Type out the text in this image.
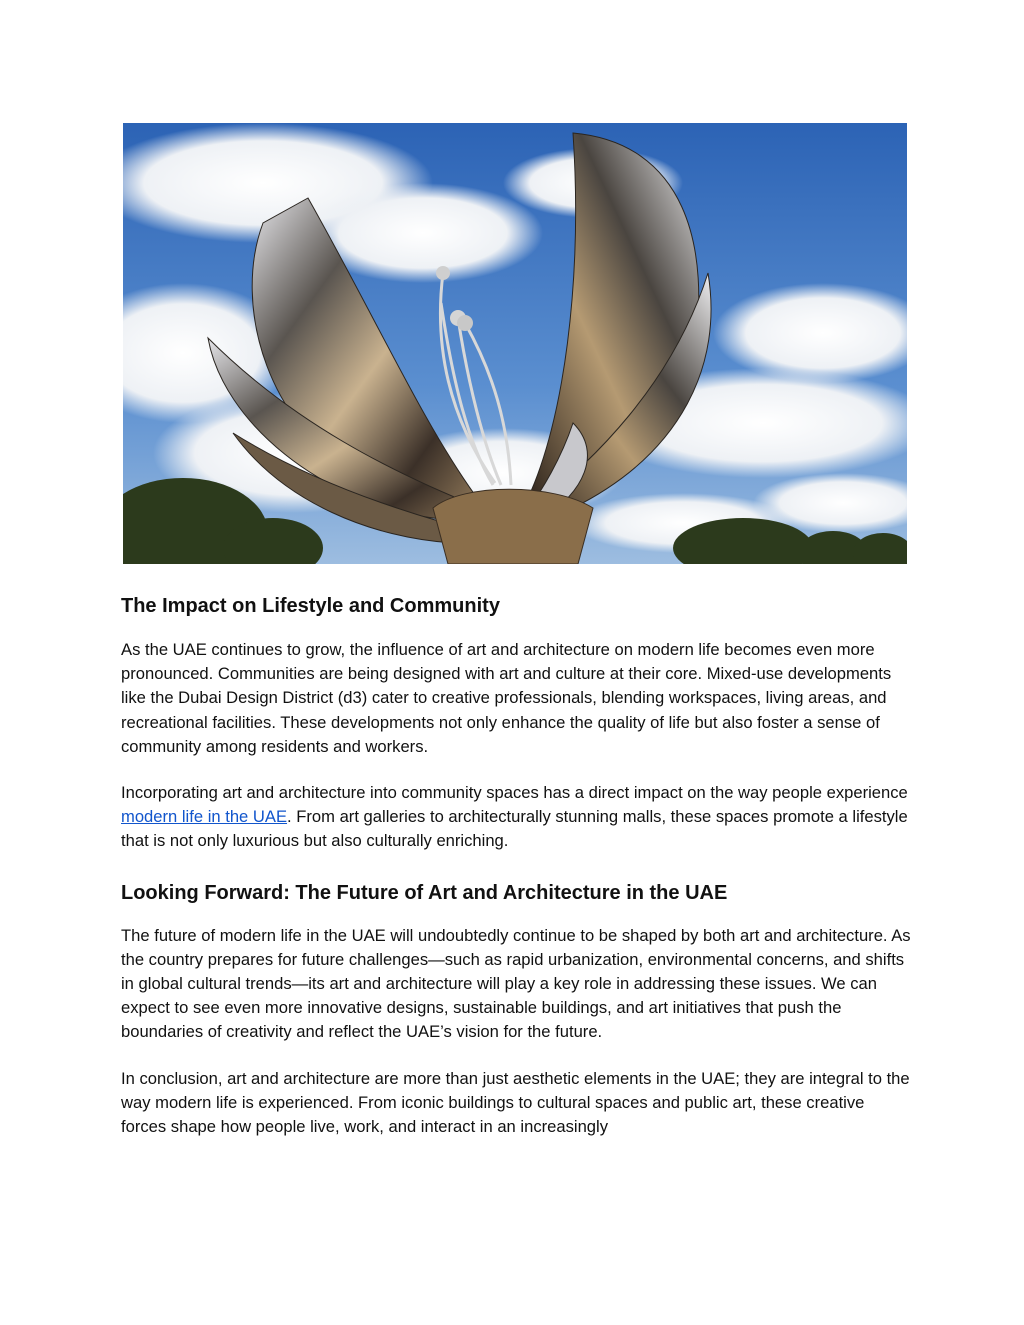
The Impact on Lifestyle and Community

As the UAE continues to grow, the influence of art and architecture on modern life becomes even more pronounced. Communities are being designed with art and culture at their core. Mixed-use developments like the Dubai Design District (d3) cater to creative professionals, blending workspaces, living areas, and recreational facilities. These developments not only enhance the quality of life but also foster a sense of community among residents and workers.

Incorporating art and architecture into community spaces has a direct impact on the way people experience modern life in the UAE. From art galleries to architecturally stunning malls, these spaces promote a lifestyle that is not only luxurious but also culturally enriching.

Looking Forward: The Future of Art and Architecture in the UAE

The future of modern life in the UAE will undoubtedly continue to be shaped by both art and architecture. As the country prepares for future challenges—such as rapid urbanization, environmental concerns, and shifts in global cultural trends—its art and architecture will play a key role in addressing these issues. We can expect to see even more innovative designs, sustainable buildings, and art initiatives that push the boundaries of creativity and reflect the UAE’s vision for the future.

In conclusion, art and architecture are more than just aesthetic elements in the UAE; they are integral to the way modern life is experienced. From iconic buildings to cultural spaces and public art, these creative forces shape how people live, work, and interact in an increasingly
